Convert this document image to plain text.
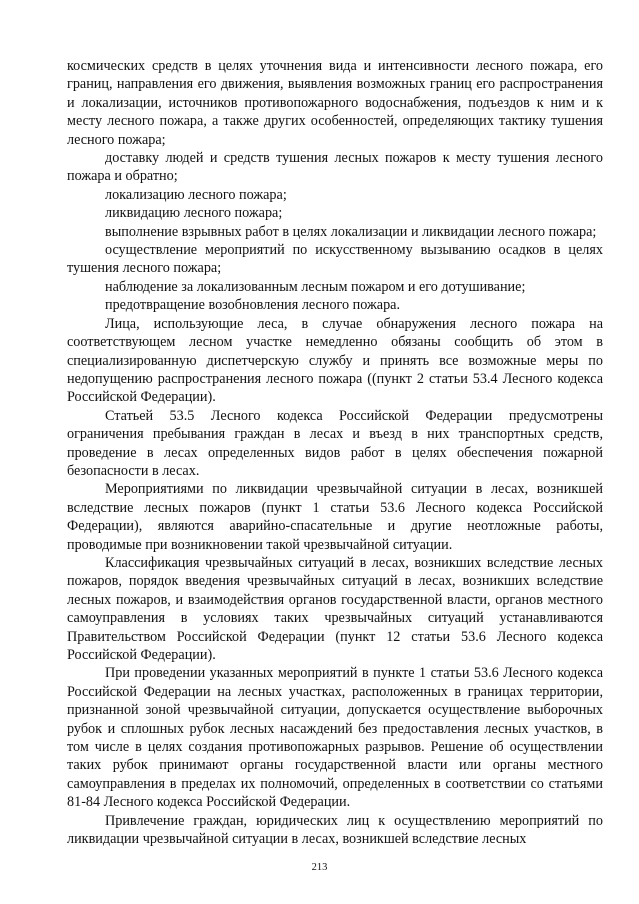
космических средств в целях уточнения вида и интенсивности лесного пожара, его границ, направления его движения, выявления возможных границ его распространения и локализации, источников противопожарного водоснабжения, подъездов к ним и к месту лесного пожара, а также других особенностей, определяющих тактику тушения лесного пожара;

доставку людей и средств тушения лесных пожаров к месту тушения лесного пожара и обратно;

локализацию лесного пожара;

ликвидацию лесного пожара;

выполнение взрывных работ в целях локализации и ликвидации лесного пожара;

осуществление мероприятий по искусственному вызыванию осадков в целях тушения лесного пожара;

наблюдение за локализованным лесным пожаром и его дотушивание;

предотвращение возобновления лесного пожара.

Лица, использующие леса, в случае обнаружения лесного пожара на соответствующем лесном участке немедленно обязаны сообщить об этом в специализированную диспетчерскую службу и принять все возможные меры по недопущению распространения лесного пожара ((пункт 2 статьи 53.4 Лесного кодекса Российской Федерации).

Статьей 53.5 Лесного кодекса Российской Федерации предусмотрены ограничения пребывания граждан в лесах и въезд в них транспортных средств, проведение в лесах определенных видов работ в целях обеспечения пожарной безопасности в лесах.

Мероприятиями по ликвидации чрезвычайной ситуации в лесах, возникшей вследствие лесных пожаров (пункт 1 статьи 53.6 Лесного кодекса Российской Федерации), являются аварийно-спасательные и другие неотложные работы, проводимые при возникновении такой чрезвычайной ситуации.

Классификация чрезвычайных ситуаций в лесах, возникших вследствие лесных пожаров, порядок введения чрезвычайных ситуаций в лесах, возникших вследствие лесных пожаров, и взаимодействия органов государственной власти, органов местного самоуправления в условиях таких чрезвычайных ситуаций устанавливаются Правительством Российской Федерации (пункт 12 статьи 53.6 Лесного кодекса Российской Федерации).

При проведении указанных мероприятий в пункте 1 статьи 53.6 Лесного кодекса Российской Федерации на лесных участках, расположенных в границах территории, признанной зоной чрезвычайной ситуации, допускается осуществление выборочных рубок и сплошных рубок лесных насаждений без предоставления лесных участков, в том числе в целях создания противопожарных разрывов. Решение об осуществлении таких рубок принимают органы государственной власти или органы местного самоуправления в пределах их полномочий, определенных в соответствии со статьями 81-84 Лесного кодекса Российской Федерации.

Привлечение граждан, юридических лиц к осуществлению мероприятий по ликвидации чрезвычайной ситуации в лесах, возникшей вследствие лесных

213
